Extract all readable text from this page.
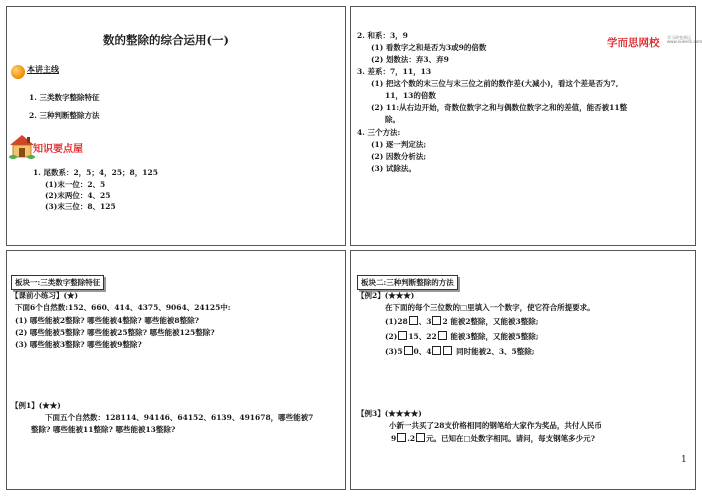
数的整除的综合运用(一)
本讲主线
1. 三类数字整除特征
2. 三种判断整除方法
知识要点屋
1. 尾数系：2，5；4，25；8，125
(1)末一位：2、5
(2)末两位：4、25
(3)末三位：8、125
学而思网校 学习改变命运
www.xueersi.com
2. 和系：3，9
(1) 看数字之和是否为3或9的倍数
(2) 划数法：弃3、弃9
3. 差系：7，11，13
(1) 把这个数的末三位与末三位之前的数作差(大减小)，看这个差是否为7,
11，13的倍数
(2) 11:从右边开始，奇数位数字之和与偶数位数字之和的差值，能否被11整
除。
4. 三个方法:
(1) 逐一判定法;
(2) 因数分析法;
(3) 试除法。
板块一:三类数字整除特征
【课前小练习】(★)
下面6个自然数:152、660、414、4375、9064、24125中:
(1) 哪些能被2整除? 哪些能被4整除? 哪些能被8整除?
(2) 哪些能被5整除? 哪些能被25整除? 哪些能被125整除?
(3) 哪些能被3整除? 哪些能被9整除?
【例1】(★★)
下面五个自然数：128114、94146、64152、6139、491678，哪些能被7
整除? 哪些能被11整除? 哪些能被13整除?
板块二:三种判断整除的方法
【例2】(★★★)
在下面的每个三位数的□里填入一个数字，使它符合所提要求。
(1)28 、3 2 能被2整除，又能被3整除;
(2) 15、22 能被3整除，又能被5整除;
(3)5 0、4	同时能被2、3、5整除;
【例3】(★★★★)
小新一共买了28支价格相同的钢笔给大家作为奖品，共付人民币
9 .2 元。已知在□处数字相同。请问，每支钢笔多少元?
1
